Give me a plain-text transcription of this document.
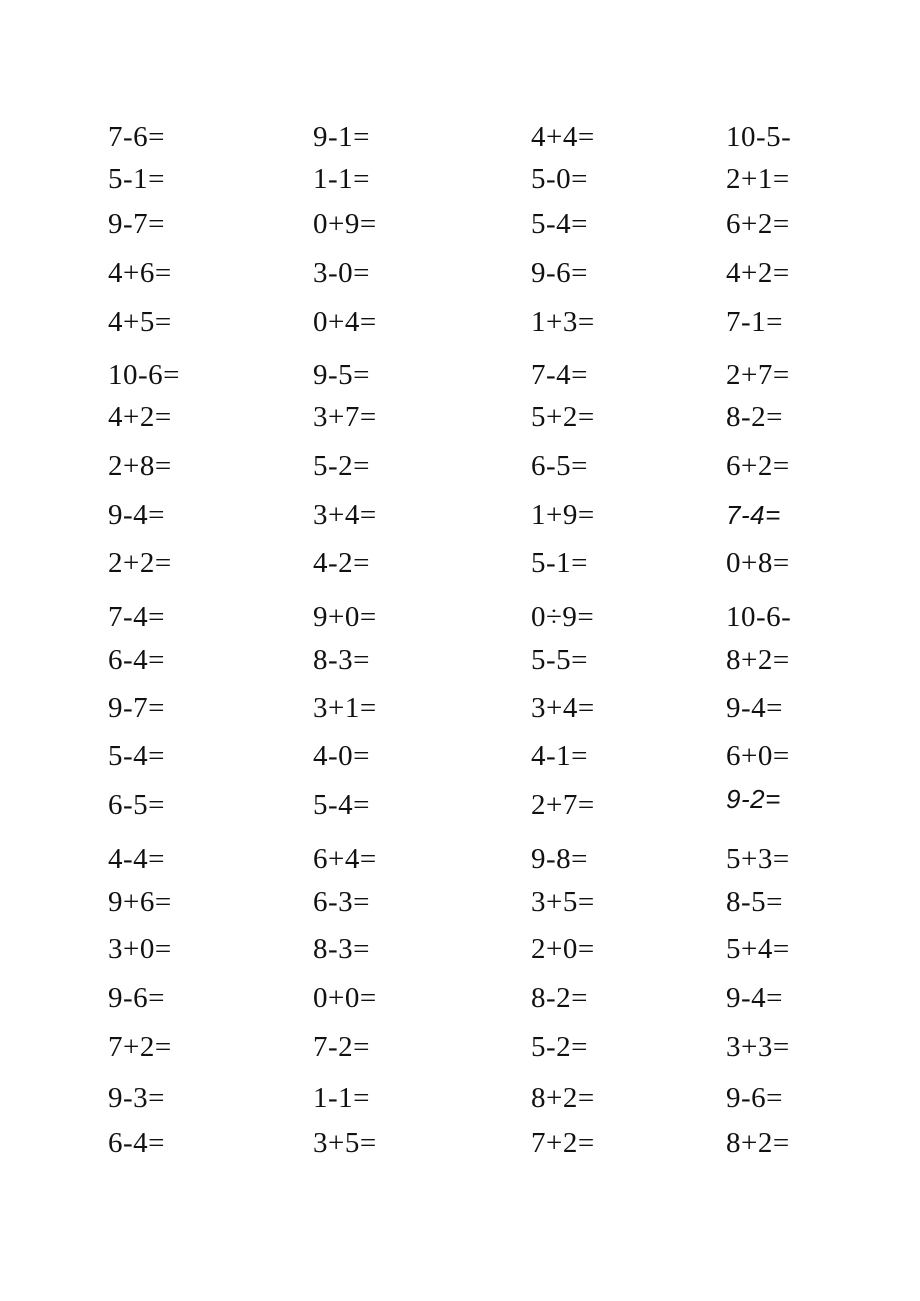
7-6=	9-1=	4+4=	10-5-
5-1=	1-1=	5-0=	2+1=
9-7=	0+9=	5-4=	6+2=
4+6=	3-0=	9-6=	4+2=
4+5=	0+4=	1+3=	7-1=
10-6=	9-5=	7-4=	2+7=
4+2=	3+7=	5+2=	8-2=
2+8=	5-2=	6-5=	6+2=
9-4=	3+4=	1+9=	7-4=
2+2=	4-2=	5-1=	0+8=
7-4=	9+0=	0÷9=	10-6-
6-4=	8-3=	5-5=	8+2=
9-7=	3+1=	3+4=	9-4=
5-4=	4-0=	4-1=	6+0=
6-5=	5-4=	2+7=	9-2=
4-4=	6+4=	9-8=	5+3=
9+6=	6-3=	3+5=	8-5=
3+0=	8-3=	2+0=	5+4=
9-6=	0+0=	8-2=	9-4=
7+2=	7-2=	5-2=	3+3=
9-3=	1-1=	8+2=	9-6=
6-4=	3+5=	7+2=	8+2=
